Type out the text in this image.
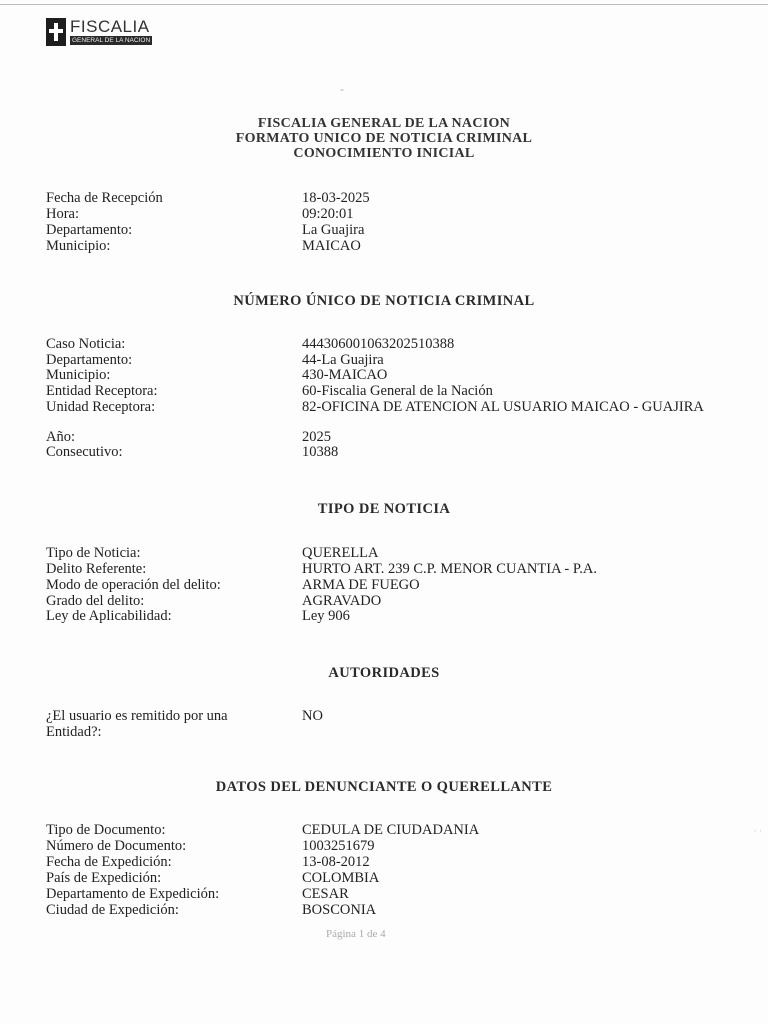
FISCALIA
GENERAL DE LA NACION
-
FISCALIA GENERAL DE LA NACION
FORMATO UNICO DE NOTICIA CRIMINAL
CONOCIMIENTO INICIAL
Fecha de Recepción	18-03-2025
Hora:	09:20:01
Departamento:	La Guajira
Municipio:	MAICAO
NÚMERO ÚNICO DE NOTICIA CRIMINAL
Caso Noticia:	444306001063202510388
Departamento:	44-La Guajira
Municipio:	430-MAICAO
Entidad Receptora:	60-Fiscalia General de la Nación
Unidad Receptora:	82-OFICINA DE ATENCION AL USUARIO MAICAO - GUAJIRA
Año:	2025
Consecutivo:	10388
TIPO DE NOTICIA
Tipo de Noticia:	QUERELLA
Delito Referente:	HURTO ART. 239 C.P. MENOR CUANTIA - P.A.
Modo de operación del delito:	ARMA DE FUEGO
Grado del delito:	AGRAVADO
Ley de Aplicabilidad:	Ley 906
AUTORIDADES
¿El usuario es remitido por una Entidad?:
NO
DATOS DEL DENUNCIANTE O QUERELLANTE
Tipo de Documento:	CEDULA DE CIUDADANIA
Número de Documento:	1003251679
Fecha de Expedición:	13-08-2012
País de Expedición:	COLOMBIA
Departamento de Expedición:	CESAR
Ciudad de Expedición:	BOSCONIA
· ·
Página 1 de 4
